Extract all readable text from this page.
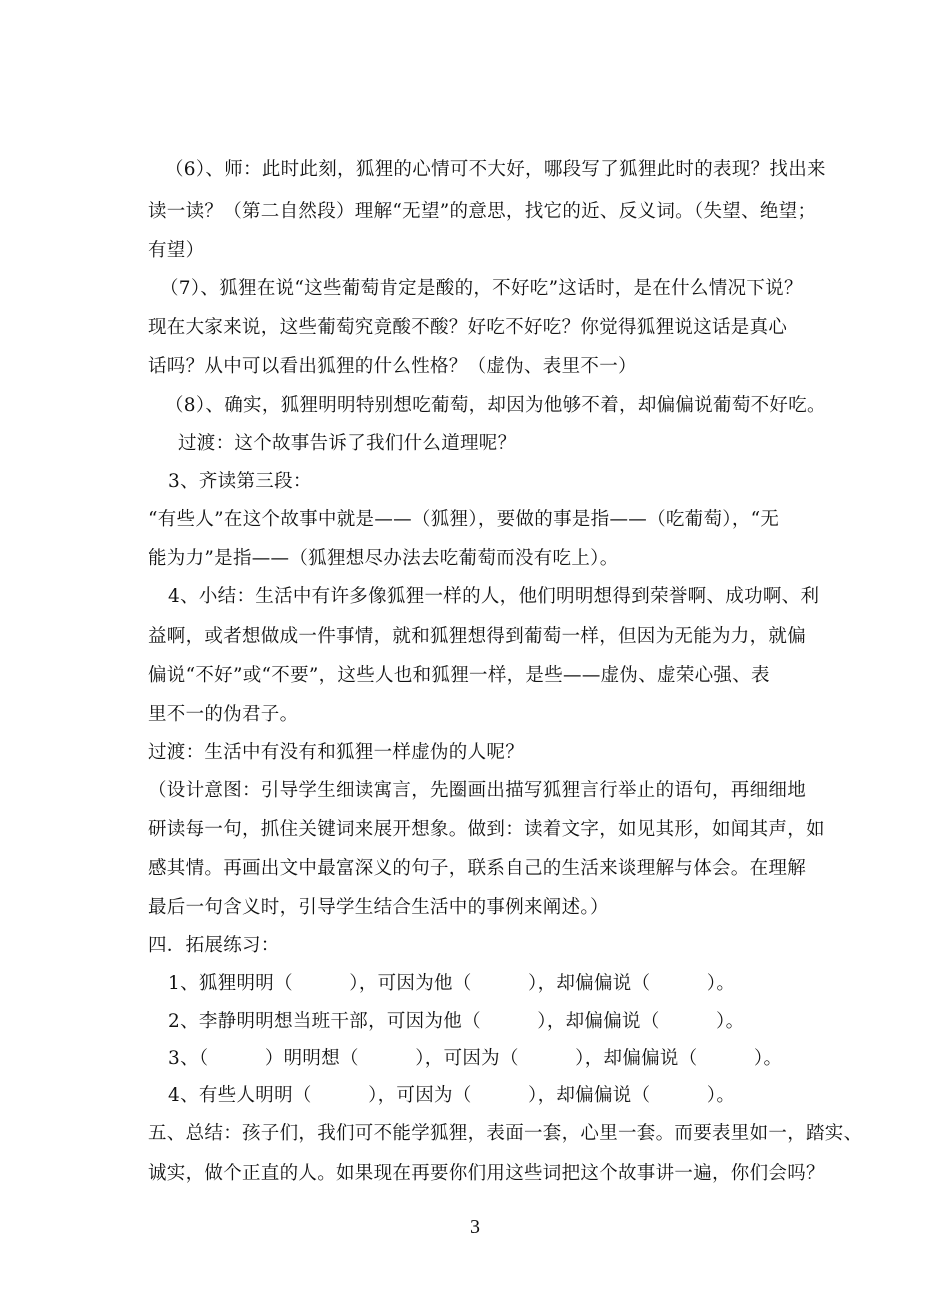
（6）、师：此时此刻，狐狸的心情可不大好，哪段写了狐狸此时的表现？找出来
读一读？（第二自然段）理解“无望”的意思，找它的近、反义词。（失望、绝望；
有望）
（7）、狐狸在说“这些葡萄肯定是酸的，不好吃”这话时，是在什么情况下说？
现在大家来说，这些葡萄究竟酸不酸？好吃不好吃？你觉得狐狸说这话是真心
话吗？从中可以看出狐狸的什么性格？（虚伪、表里不一）
（8）、确实，狐狸明明特别想吃葡萄，却因为他够不着，却偏偏说葡萄不好吃。
过渡：这个故事告诉了我们什么道理呢？
3、齐读第三段：
“有些人”在这个故事中就是——（狐狸），要做的事是指——（吃葡萄），“无
能为力”是指——（狐狸想尽办法去吃葡萄而没有吃上）。
4、小结：生活中有许多像狐狸一样的人，他们明明想得到荣誉啊、成功啊、利
益啊，或者想做成一件事情，就和狐狸想得到葡萄一样，但因为无能为力，就偏
偏说“不好”或“不要”，这些人也和狐狸一样，是些——虚伪、虚荣心强、表
里不一的伪君子。
过渡：生活中有没有和狐狸一样虚伪的人呢？
（设计意图：引导学生细读寓言，先圈画出描写狐狸言行举止的语句，再细细地
研读每一句，抓住关键词来展开想象。做到：读着文字，如见其形，如闻其声，如
感其情。再画出文中最富深义的句子，联系自己的生活来谈理解与体会。在理解
最后一句含义时，引导学生结合生活中的事例来阐述。）
四．拓展练习：
1、狐狸明明（　　　），可因为他（　　　），却偏偏说（　　　）。
2、李静明明想当班干部，可因为他（　　　），却偏偏说（　　　）。
3、（　　　）明明想（　　　），可因为（　　　），却偏偏说（　　　）。
4、有些人明明（　　　），可因为（　　　），却偏偏说（　　　）。
五、总结：孩子们，我们可不能学狐狸，表面一套，心里一套。而要表里如一，踏实、
诚实，做个正直的人。如果现在再要你们用这些词把这个故事讲一遍，你们会吗？
3
